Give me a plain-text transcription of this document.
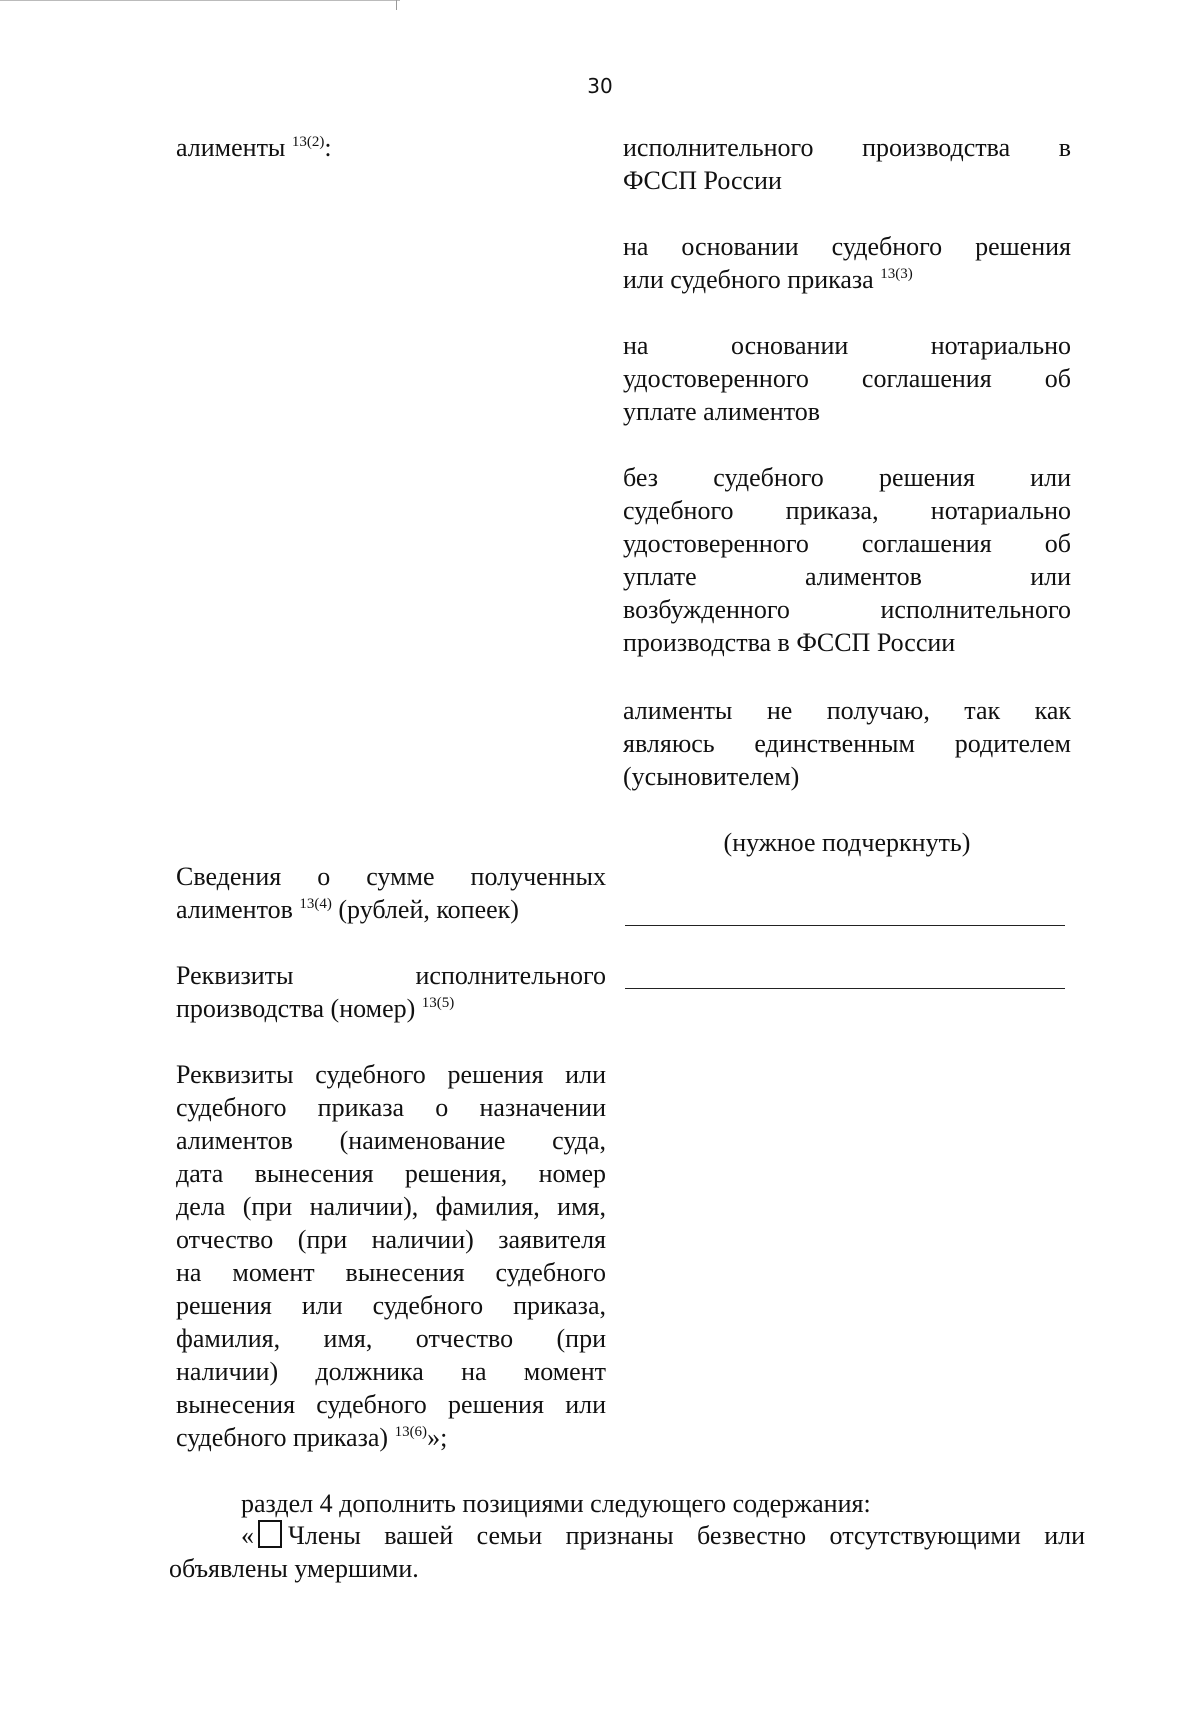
30
алименты $^{13(2)}$:	исполнительного производства в
ФССП России
на основании судебного решения
или судебного приказа $^{13(3)}$
на основании нотариально
удостоверенного соглашения об
уплате алиментов
без судебного решения или
судебного приказа, нотариально
удостоверенного соглашения об
уплате алиментов или
возбужденного исполнительного
производства в ФССП России
алименты не получаю, так как
являюсь единственным родителем
(усыновителем)
(нужное подчеркнуть)
Сведения о сумме полученных
алиментов $^{13(4)}$ (рублей, копеек)
Реквизиты исполнительного
производства (номер) $^{13(5)}$
Реквизиты судебного решения или
судебного приказа о назначении
алиментов (наименование суда,
дата вынесения решения, номер
дела (при наличии), фамилия, имя,
отчество (при наличии) заявителя
на момент вынесения судебного
решения или судебного приказа,
фамилия, имя, отчество (при
наличии) должника на момент
вынесения судебного решения или
судебного приказа) $^{13(6)}$»;
раздел 4 дополнить позициями следующего содержания:
« Члены вашей семьи признаны безвестно отсутствующими или
объявлены умершими.
